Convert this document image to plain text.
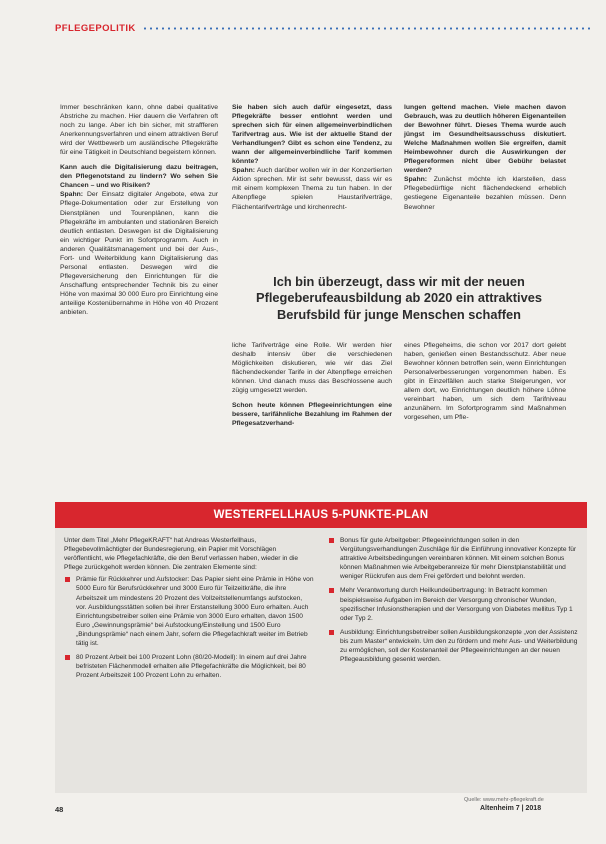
PFLEGEPOLITIK

Immer beschränken kann, ohne dabei qualitative Abstriche zu machen. Hier dauern die Verfahren oft noch zu lange. Aber ich bin sicher, mit straffferen Anerkennungsverfahren und einem attraktiven Beruf wird der Wettbewerb um ausländische Pflegekräfte für eine Tätigkeit in Deutschland begeistern können.

Kann auch die Digitalisierung dazu beitragen, den Pflegenotstand zu lindern? Wo sehen Sie Chancen – und wo Risiken?
Spahn: Der Einsatz digitaler Angebote, etwa zur Pflege-Dokumentation oder zur Erstellung von Dienstplänen und Tourenplänen, kann die Pflegekräfte im ambulanten und stationären Bereich deutlich entlasten. Deswegen ist die Digitalisierung ein wichtiger Punkt im Sofortprogramm. Auch in anderen Qualitätsmanagement und bei der Aus-, Fort- und Weiterbildung kann Digitalisierung das Personal entlasten. Deswegen wird die Pflegeversicherung den Einrichtungen für die Anschaffung entsprechender Technik bis zu einer Höhe von maximal 30 000 Euro pro Einrichtung eine anteilige Kostenübernahme in Höhe von 40 Prozent anbieten.

Sie haben sich auch dafür eingesetzt, dass Pflegekräfte besser entlohnt werden und sprechen sich für einen allgemeinverbindlichen Tarifvertrag aus. Wie ist der aktuelle Stand der Verhandlungen? Gibt es schon eine Tendenz, zu wann der allgemeinverbindliche Tarif kommen könnte?
Spahn: Auch darüber wollen wir in der Konzertierten Aktion sprechen. Mir ist sehr bewusst, dass wir es mit einem komplexen Thema zu tun haben. In der Altenpflege spielen Haustarifverträge, Flächentarifverträge und kirchenrecht-

lungen geltend machen. Viele machen davon Gebrauch, was zu deutlich höheren Eigenanteilen der Bewohner führt. Dieses Thema wurde auch jüngst im Gesundheitsausschuss diskutiert. Welche Maßnahmen wollen Sie ergreifen, damit Heimbewohner durch die Auswirkungen der Pflegereformen nicht über Gebühr belastet werden?
Spahn: Zunächst möchte ich klarstellen, dass Pflegebedürftige nicht flächendeckend erheblich gestiegene Eigenanteile bezahlen müssen. Denn Bewohner

Ich bin überzeugt, dass wir mit der neuen Pflegeberufeausbildung ab 2020 ein attraktives Berufsbild für junge Menschen schaffen

liche Tarifverträge eine Rolle. Wir werden hier deshalb intensiv über die verschiedenen Möglichkeiten diskutieren, wie wir das Ziel flächendeckender Tarife in der Altenpflege erreichen können. Und danach muss das Beschlossene auch zügig umgesetzt werden.

Schon heute können Pflegeeinrichtungen eine bessere, tarifähnliche Bezahlung im Rahmen der Pflegesatzverhand-

eines Pflegeheims, die schon vor 2017 dort gelebt haben, genießen einen Bestandsschutz. Aber neue Bewohner können betroffen sein, wenn Einrichtungen Personalverbesserungen vorgenommen haben. Es gibt in Einzelfällen auch starke Steigerungen, vor allem dort, wo Einrichtungen deutlich höhere Löhne vereinbart haben, um sich dem Tarifniveau anzunähern. Im Sofortprogramm sind Maßnahmen vorgesehen, um Pfle-

WESTERFELLHAUS 5-PUNKTE-PLAN

Unter dem Titel „Mehr PflegeKRAFT“ hat Andreas Westerfellhaus, Pflegebevollmächtigter der Bundesregierung, ein Papier mit Vorschlägen veröffentlicht, wie Pflegefachkräfte, die den Beruf verlassen haben, wieder in die Pflege zurückgeholt werden können. Die zentralen Elemente sind:

Prämie für Rückkehrer und Aufstocker: Das Papier sieht eine Prämie in Höhe von 5000 Euro für Berufsrückkehrer und 3000 Euro für Teilzeitkräfte, die ihre Arbeitszeit um mindestens 20 Prozent des Vollzeitstellenumfangs aufstocken, vor. Ausbildungsstätten sollen bei ihrer Erstanstellung 3000 Euro erhalten. Auch Einrichtungsbetreiber sollen eine Prämie von 3000 Euro erhalten, davon 1500 Euro „Gewinnungsprämie“ bei Aufstockung/Einstellung und 1500 Euro „Bindungsprämie“ nach einem Jahr, sofern die Pflegefachkraft weiter im Betrieb tätig ist.
80 Prozent Arbeit bei 100 Prozent Lohn (80/20-Modell): In einem auf drei Jahre befristeten Flächenmodell erhalten alle Pflegefachkräfte die Möglichkeit, bei 80 Prozent Arbeitszeit 100 Prozent Lohn zu erhalten.
Bonus für gute Arbeitgeber: Pflegeeinrichtungen sollen in den Vergütungsverhandlungen Zuschläge für die Einführung innovativer Konzepte für attraktive Arbeitsbedingungen vereinbaren können. Mit einem solchen Bonus können Maßnahmen wie Arbeitgeberanreize für mehr Dienstplanstabilität und weniger Rückrufen aus dem Frei gefördert und belohnt werden.
Mehr Verantwortung durch Heilkundeübertragung: In Betracht kommen beispielsweise Aufgaben im Bereich der Versorgung chronischer Wunden, spezifischer Infusionstherapien und der Versorgung von Diabetes mellitus Typ 1 oder Typ 2.
Ausbildung: Einrichtungsbetreiber sollen Ausbildungskonzepte „von der Assistenz bis zum Master“ entwickeln. Um den zu fördern und mehr Aus- und Weiterbildung zu ermöglichen, soll der Kostenanteil der Pflegeeinrichtungen an der neuen Pflegeausbildung gesenkt werden.
Quelle: www.mehr-pflegekraft.de
48	Altenheim 7 | 2018
